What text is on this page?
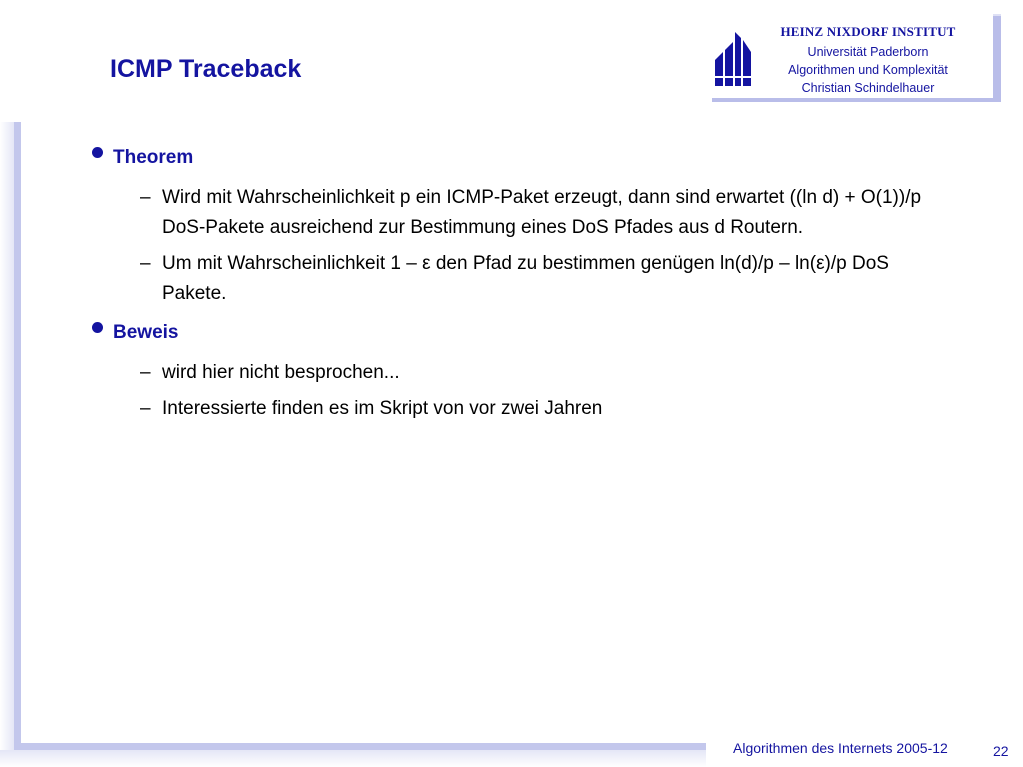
ICMP Traceback
HEINZ NIXDORF INSTITUT
Universität Paderborn
Algorithmen und Komplexität
Christian Schindelhauer
Theorem
– Wird mit Wahrscheinlichkeit p ein ICMP-Paket erzeugt, dann sind erwartet ((ln d) + O(1))/p  DoS-Pakete ausreichend zur Bestimmung eines DoS Pfades aus d Routern.
– Um mit Wahrscheinlichkeit 1 – ε den Pfad zu bestimmen genügen ln(d)/p – ln(ε)/p DoS Pakete.
Beweis
– wird hier nicht besprochen...
– Interessierte finden es im Skript von vor zwei Jahren
Algorithmen des Internets 2005-12	22
